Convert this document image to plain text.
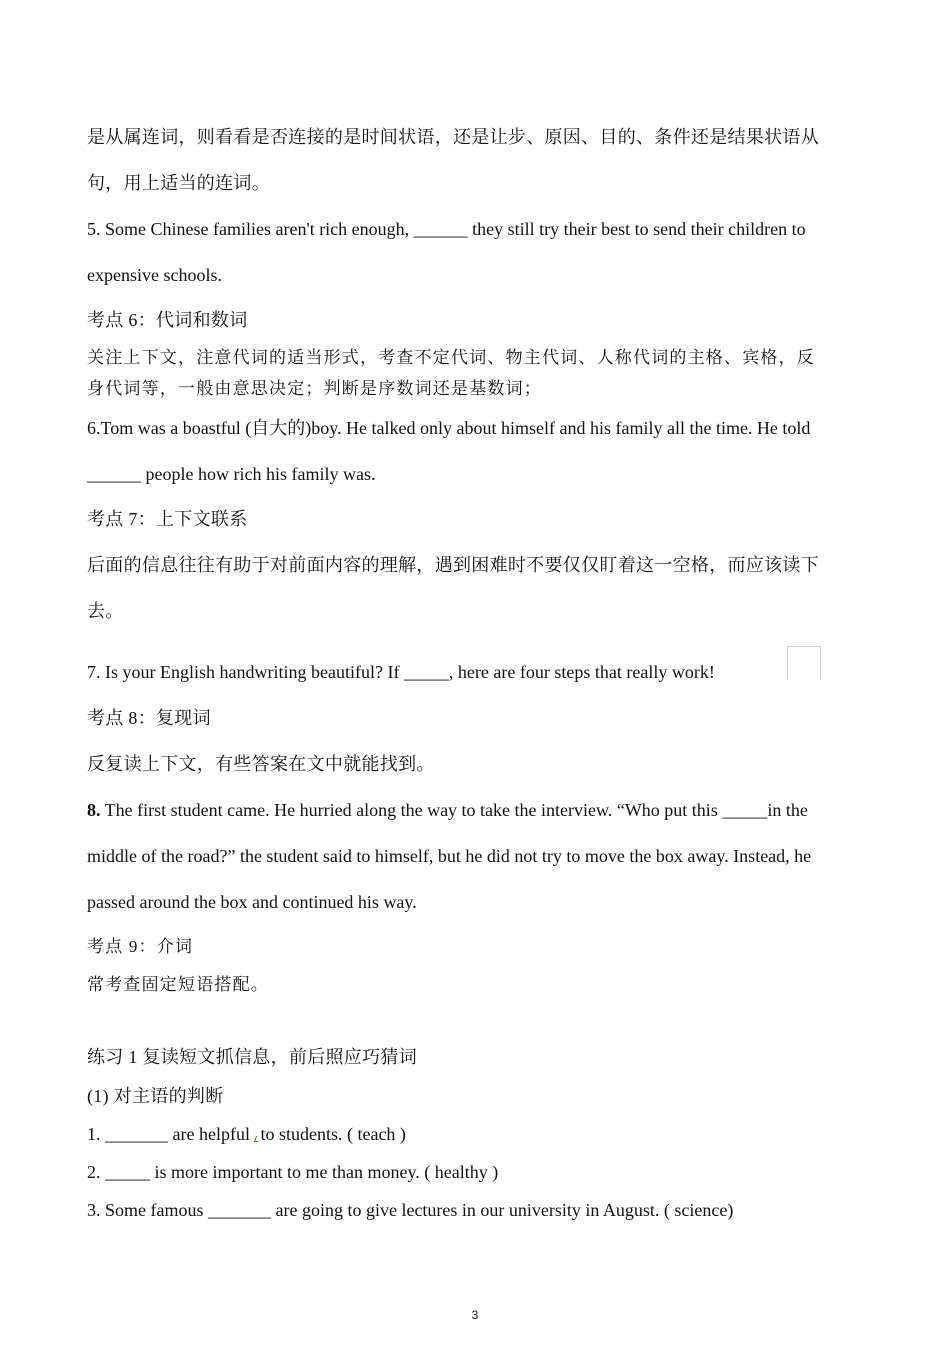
是从属连词，则看看是否连接的是时间状语，还是让步、原因、目的、条件还是结果状语从
句，用上适当的连词。
5. Some Chinese families aren't rich enough, ______ they still try their best to send their children to
expensive schools.
考点 6：代词和数词
关注上下文，注意代词的适当形式，考查不定代词、物主代词、人称代词的主格、宾格，反
身代词等，一般由意思决定；判断是序数词还是基数词；
6.Tom was a boastful (自大的)boy. He talked only about himself and his family all the time. He told
______ people how rich his family was.
考点 7：上下文联系
后面的信息往往有助于对前面内容的理解，遇到困难时不要仅仅盯着这一空格，而应该读下
去。
7. Is your English handwriting beautiful? If _____, here are four steps that really work!
考点 8：复现词
反复读上下文，有些答案在文中就能找到。
8. The first student came. He hurried along the way to take the interview. “Who put this _____in the
middle of the road?” the student said to himself, but he did not try to move the box away. Instead, he
passed around the box and continued his way.
考点 9：介词
常考查固定短语搭配。
练习 1 复读短文抓信息，前后照应巧猜词
(1) 对主语的判断
1. _______ are helpful to students. ( teach )
2. _____ is more important to me than money. ( healthy )
3. Some famous _______ are going to give lectures in our university in August. ( science)
3
